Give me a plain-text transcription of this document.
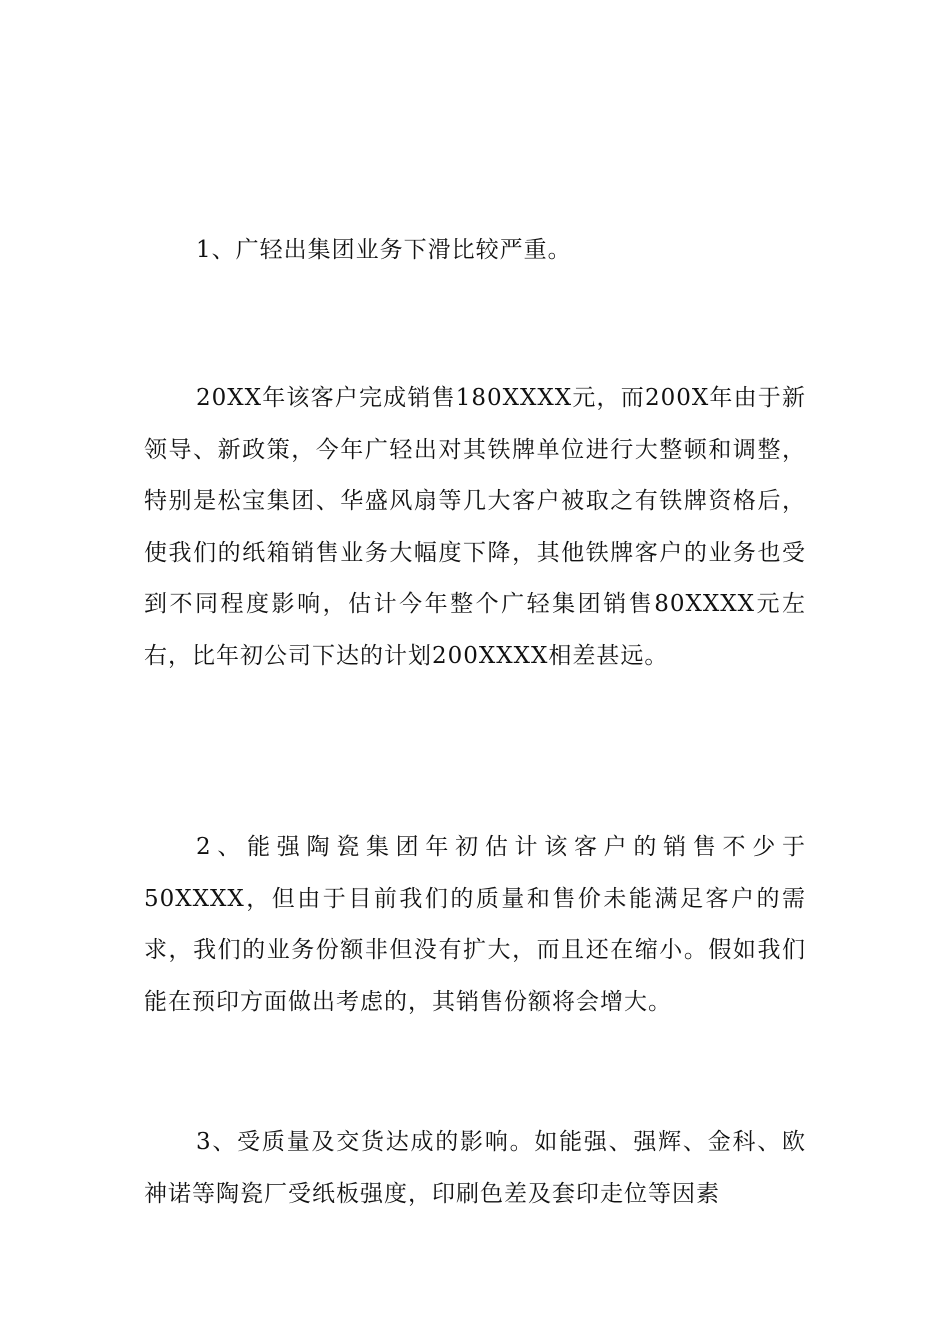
1、广轻出集团业务下滑比较严重。

20XX年该客户完成销售180XXXX元，而200X年由于新领导、新政策，今年广轻出对其铁牌单位进行大整顿和调整，特别是松宝集团、华盛风扇等几大客户被取之有铁牌资格后，使我们的纸箱销售业务大幅度下降，其他铁牌客户的业务也受到不同程度影响，估计今年整个广轻集团销售80XXXX元左右，比年初公司下达的计划200XXXX相差甚远。

2、能强陶瓷集团年初估计该客户的销售不少于50XXXX，但由于目前我们的质量和售价未能满足客户的需求，我们的业务份额非但没有扩大，而且还在缩小。假如我们能在预印方面做出考虑的，其销售份额将会增大。

3、受质量及交货达成的影响。如能强、强辉、金科、欧神诺等陶瓷厂受纸板强度，印刷色差及套印走位等因素
